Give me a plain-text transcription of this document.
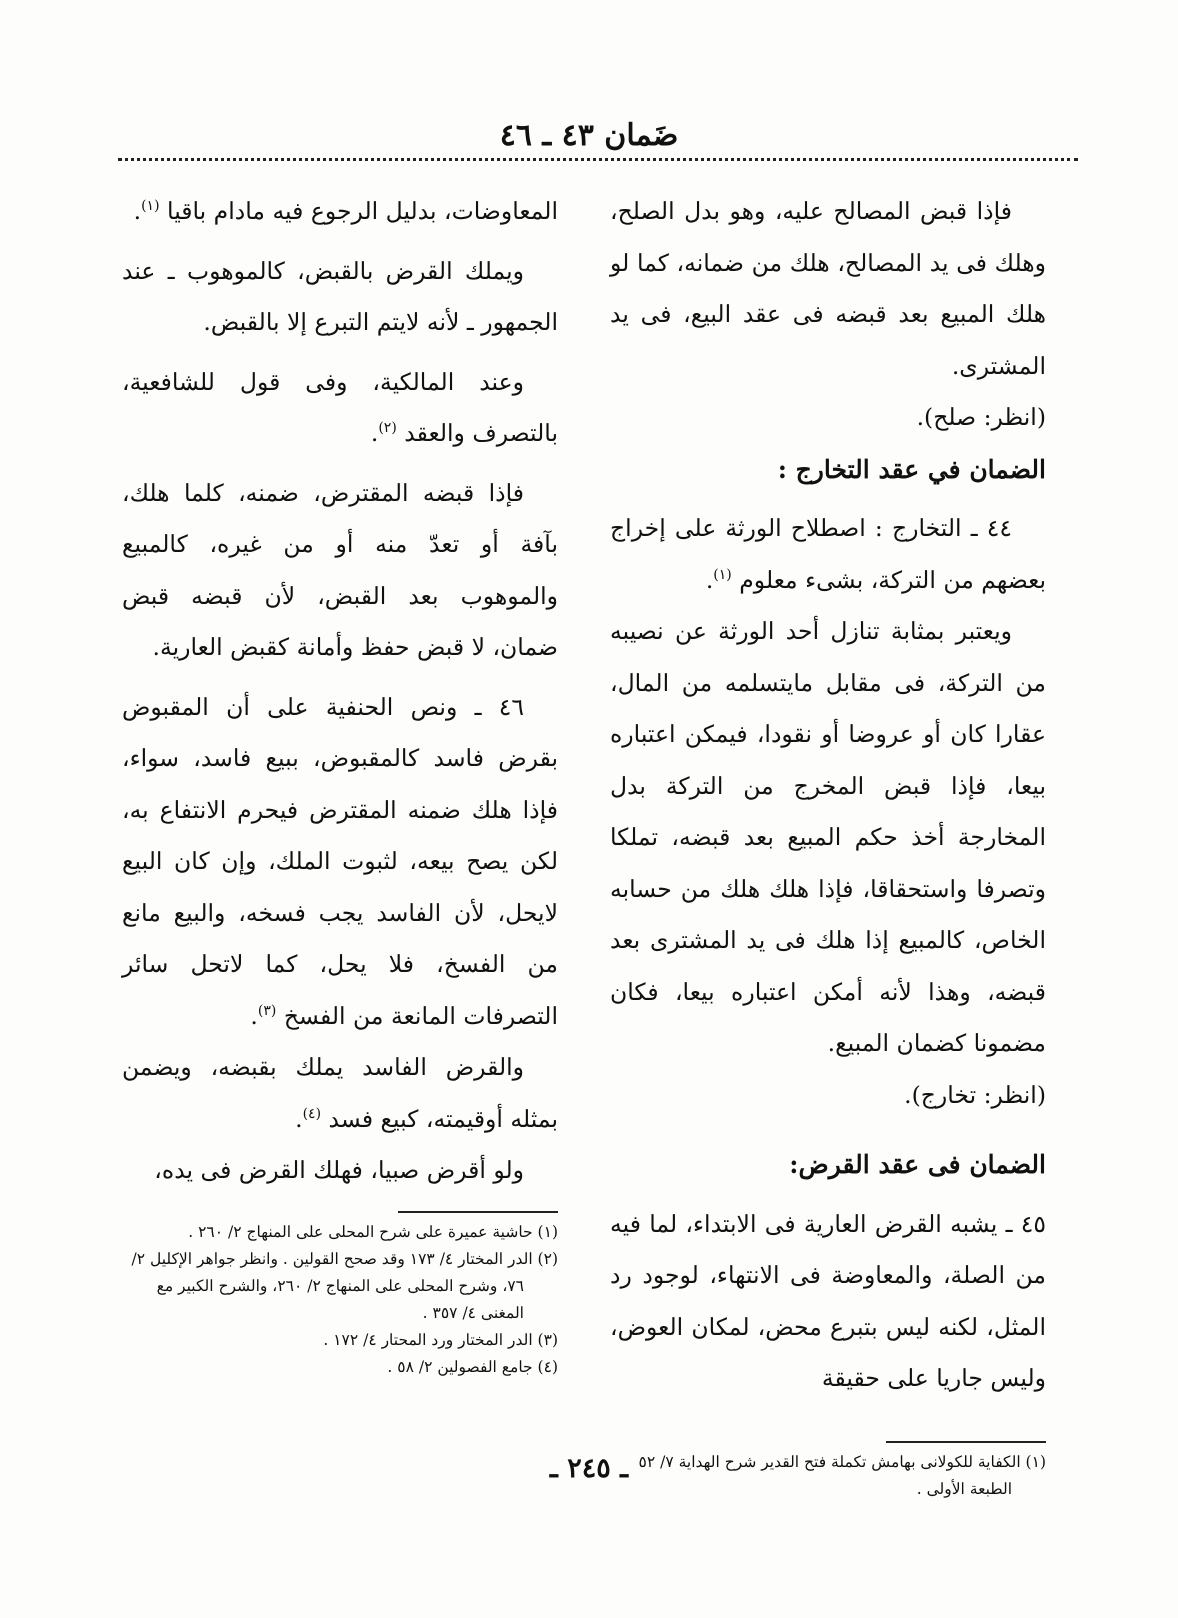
ضَمان ٤٣ ـ ٤٦

فإذا قبض المصالح عليه، وهو بدل الصلح، وهلك فى يد المصالح، هلك من ضمانه، كما لو هلك المبيع بعد قبضه فى عقد البيع، فى يد المشترى.

(انظر: صلح).

الضمان في عقد التخارج :

٤٤ ـ التخارج : اصطلاح الورثة على إخراج بعضهم من التركة، بشىء معلوم $^{(١)}$.

ويعتبر بمثابة تنازل أحد الورثة عن نصيبه من التركة، فى مقابل مايتسلمه من المال، عقارا كان أو عروضا أو نقودا، فيمكن اعتباره بيعا، فإذا قبض المخرج من التركة بدل المخارجة أخذ حكم المبيع بعد قبضه، تملكا وتصرفا واستحقاقا، فإذا هلك هلك من حسابه الخاص، كالمبيع إذا هلك فى يد المشترى بعد قبضه، وهذا لأنه أمكن اعتباره بيعا، فكان مضمونا كضمان المبيع.

(انظر: تخارج).

الضمان فى عقد القرض:

٤٥ ـ يشبه القرض العارية فى الابتداء، لما فيه من الصلة، والمعاوضة فى الانتهاء، لوجود رد المثل، لكنه ليس بتبرع محض، لمكان العوض، وليس جاريا على حقيقة

(١) الكفاية للكولانى بهامش تكملة فتح القدير شرح الهداية ٧/ ٥٢ الطبعة الأولى .

المعاوضات، بدليل الرجوع فيه مادام باقيا $^{(١)}$.

ويملك القرض بالقبض، كالموهوب ـ عند الجمهور ـ لأنه لايتم التبرع إلا بالقبض.

وعند المالكية، وفى قول للشافعية، بالتصرف والعقد $^{(٢)}$.

فإذا قبضه المقترض، ضمنه، كلما هلك، بآفة أو تعدّ منه أو من غيره، كالمبيع والموهوب بعد القبض، لأن قبضه قبض ضمان، لا قبض حفظ وأمانة كقبض العارية.

٤٦ ـ ونص الحنفية على أن المقبوض بقرض فاسد كالمقبوض، ببيع فاسد، سواء، فإذا هلك ضمنه المقترض فيحرم الانتفاع به، لكن يصح بيعه، لثبوت الملك، وإن كان البيع لايحل، لأن الفاسد يجب فسخه، والبيع مانع من الفسخ، فلا يحل، كما لاتحل سائر التصرفات المانعة من الفسخ $^{(٣)}$.

والقرض الفاسد يملك بقبضه، ويضمن بمثله أوقيمته، كبيع فسد $^{(٤)}$.

ولو أقرض صبيا، فهلك القرض فى يده،

(١) حاشية عميرة على شرح المحلى على المنهاج ٢/ ٢٦٠ .

(٢) الدر المختار ٤/ ١٧٣ وقد صحح القولين . وانظر جواهر الإكليل ٢/ ٧٦، وشرح المحلى على المنهاج ٢/ ٢٦٠، والشرح الكبير مع المغنى ٤/ ٣٥٧ .

(٣) الدر المختار ورد المحتار ٤/ ١٧٢ .

(٤) جامع الفصولين ٢/ ٥٨ .

ـ ٢٤٥ ـ
